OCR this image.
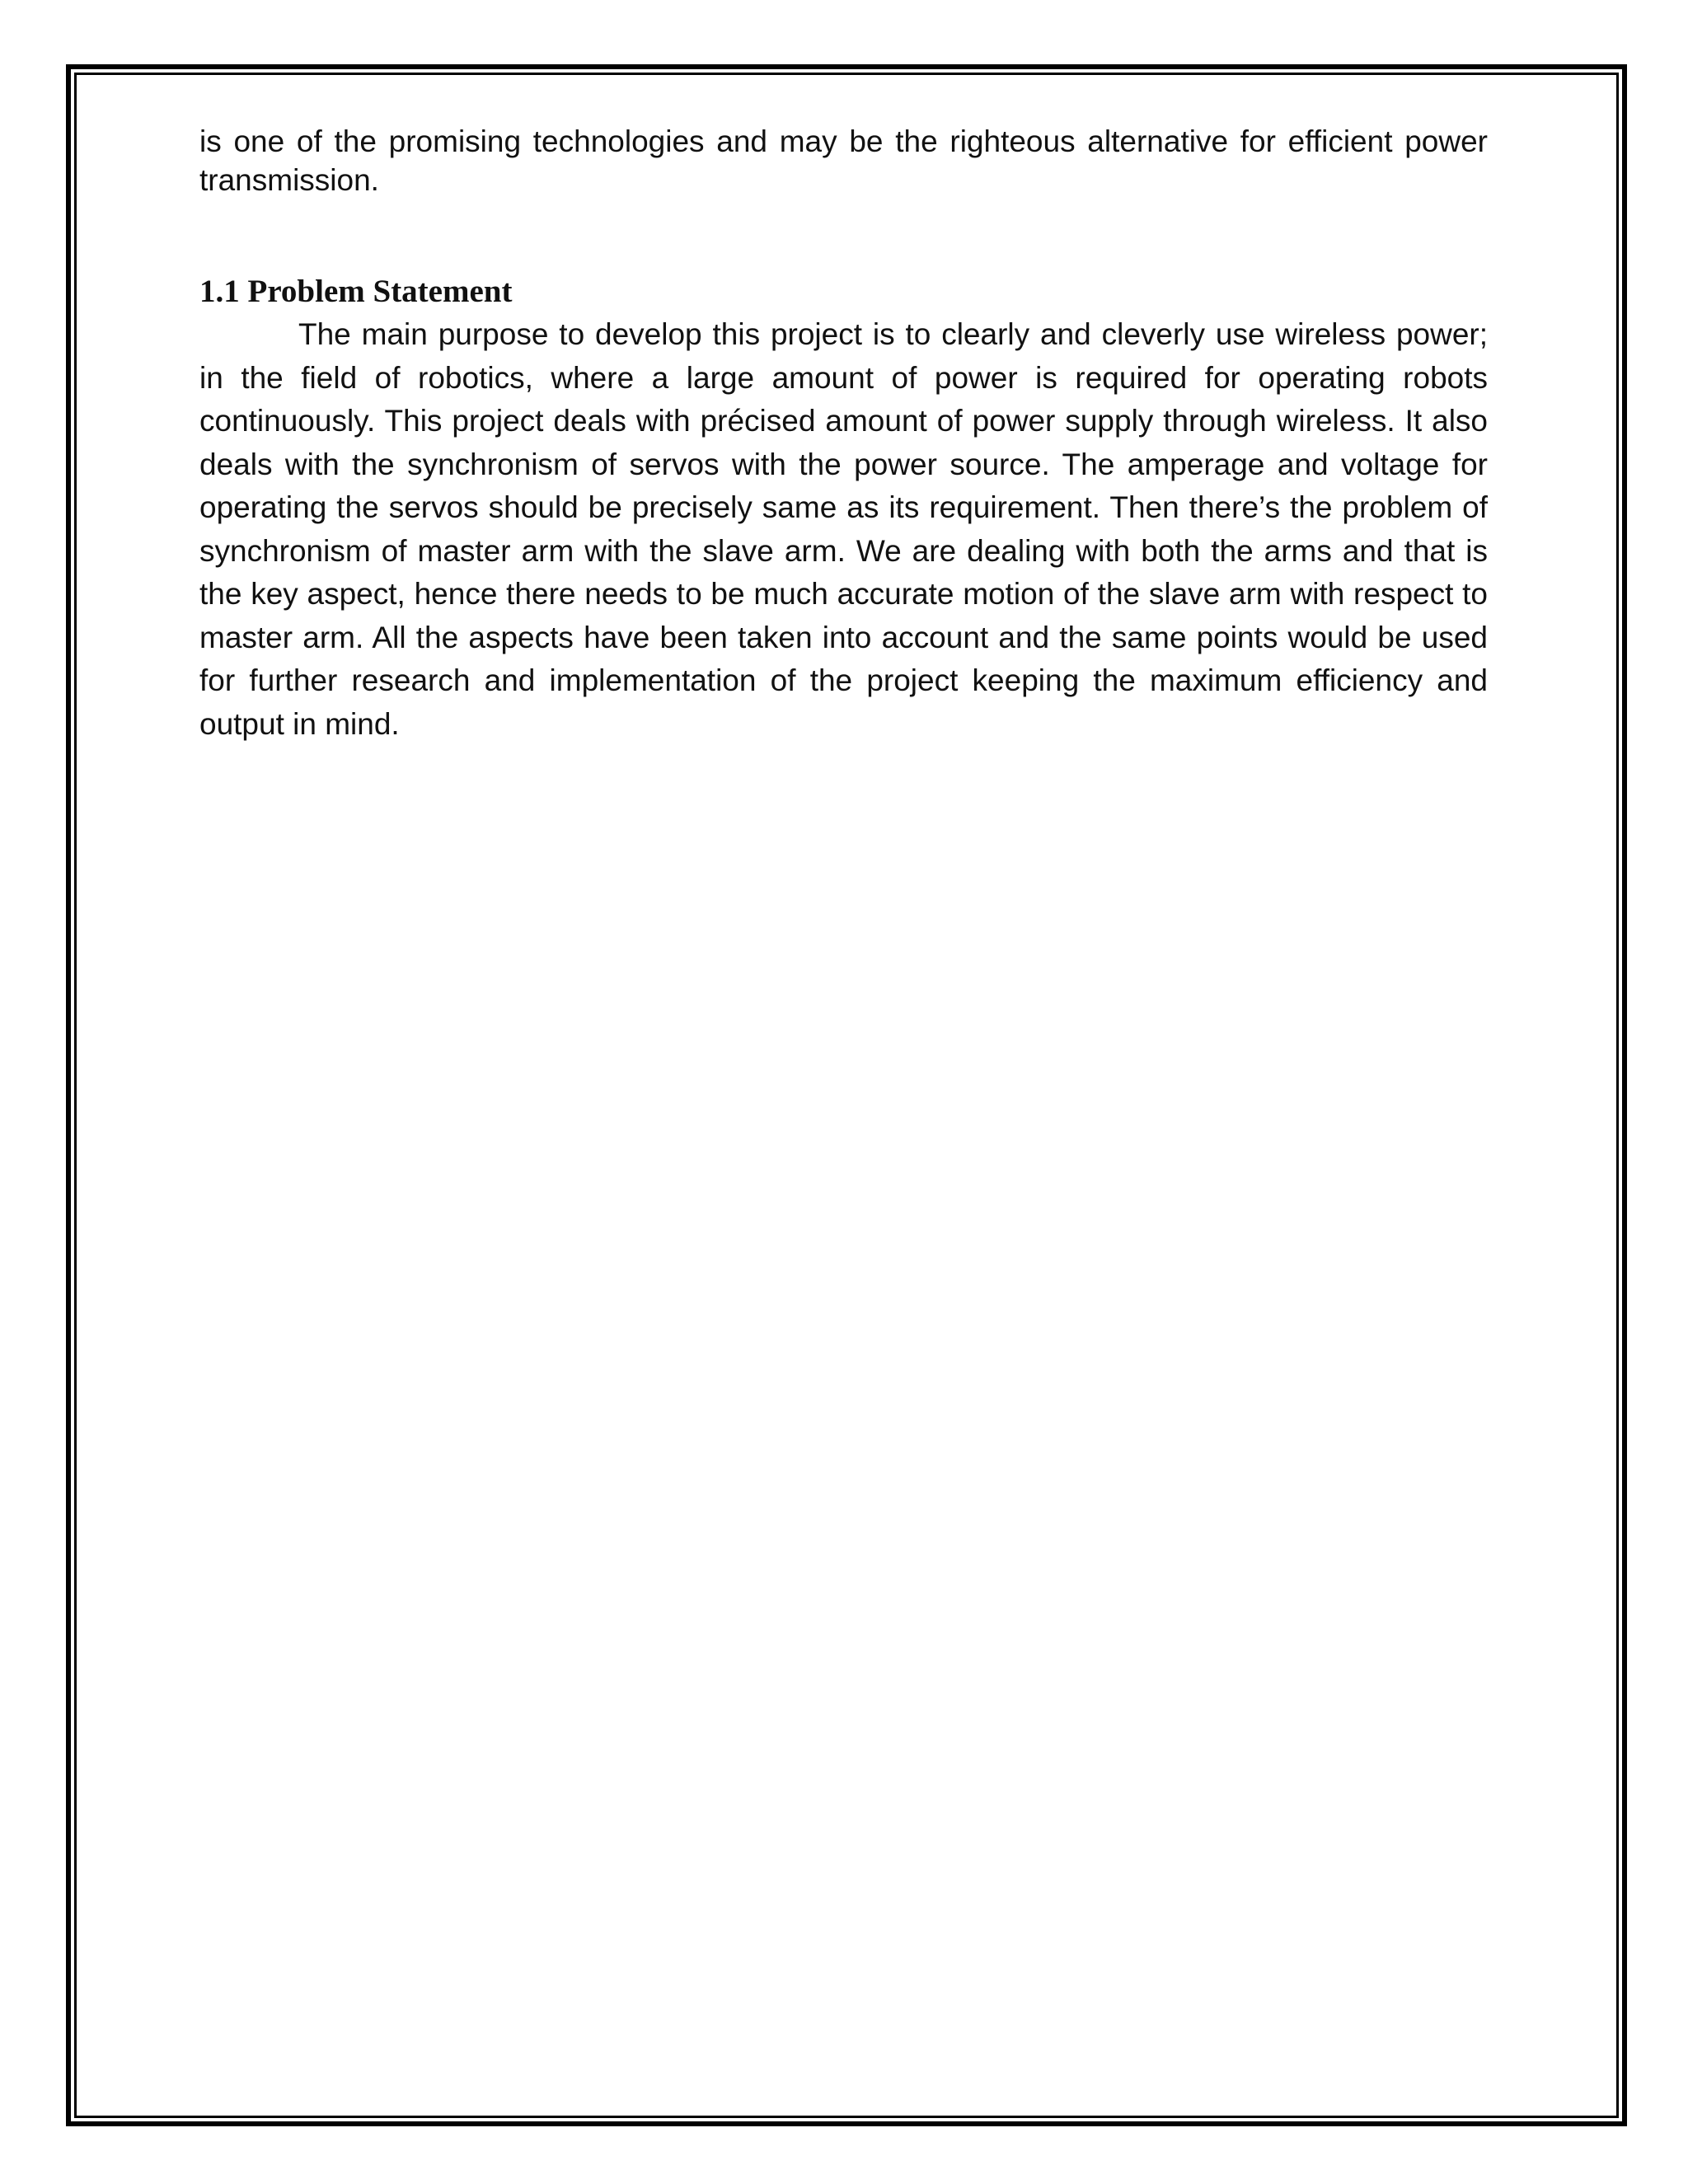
is one of the promising technologies and may be the righteous alternative for efficient power transmission.

1.1 Problem Statement

The main purpose to develop this project is to clearly and cleverly use wireless power; in the field of robotics, where a large amount of power is required for operating robots continuously. This project deals with précised amount of power supply through wireless. It also deals with the synchronism of servos with the power source. The amperage and voltage for operating the servos should be precisely same as its requirement. Then there’s the problem of synchronism of master arm with the slave arm. We are dealing with both the arms and that is the key aspect, hence there needs to be much accurate motion of the slave arm with respect to master arm. All the aspects have been taken into account and the same points would be used for further research and implementation of the project keeping the maximum efficiency and output in mind.
